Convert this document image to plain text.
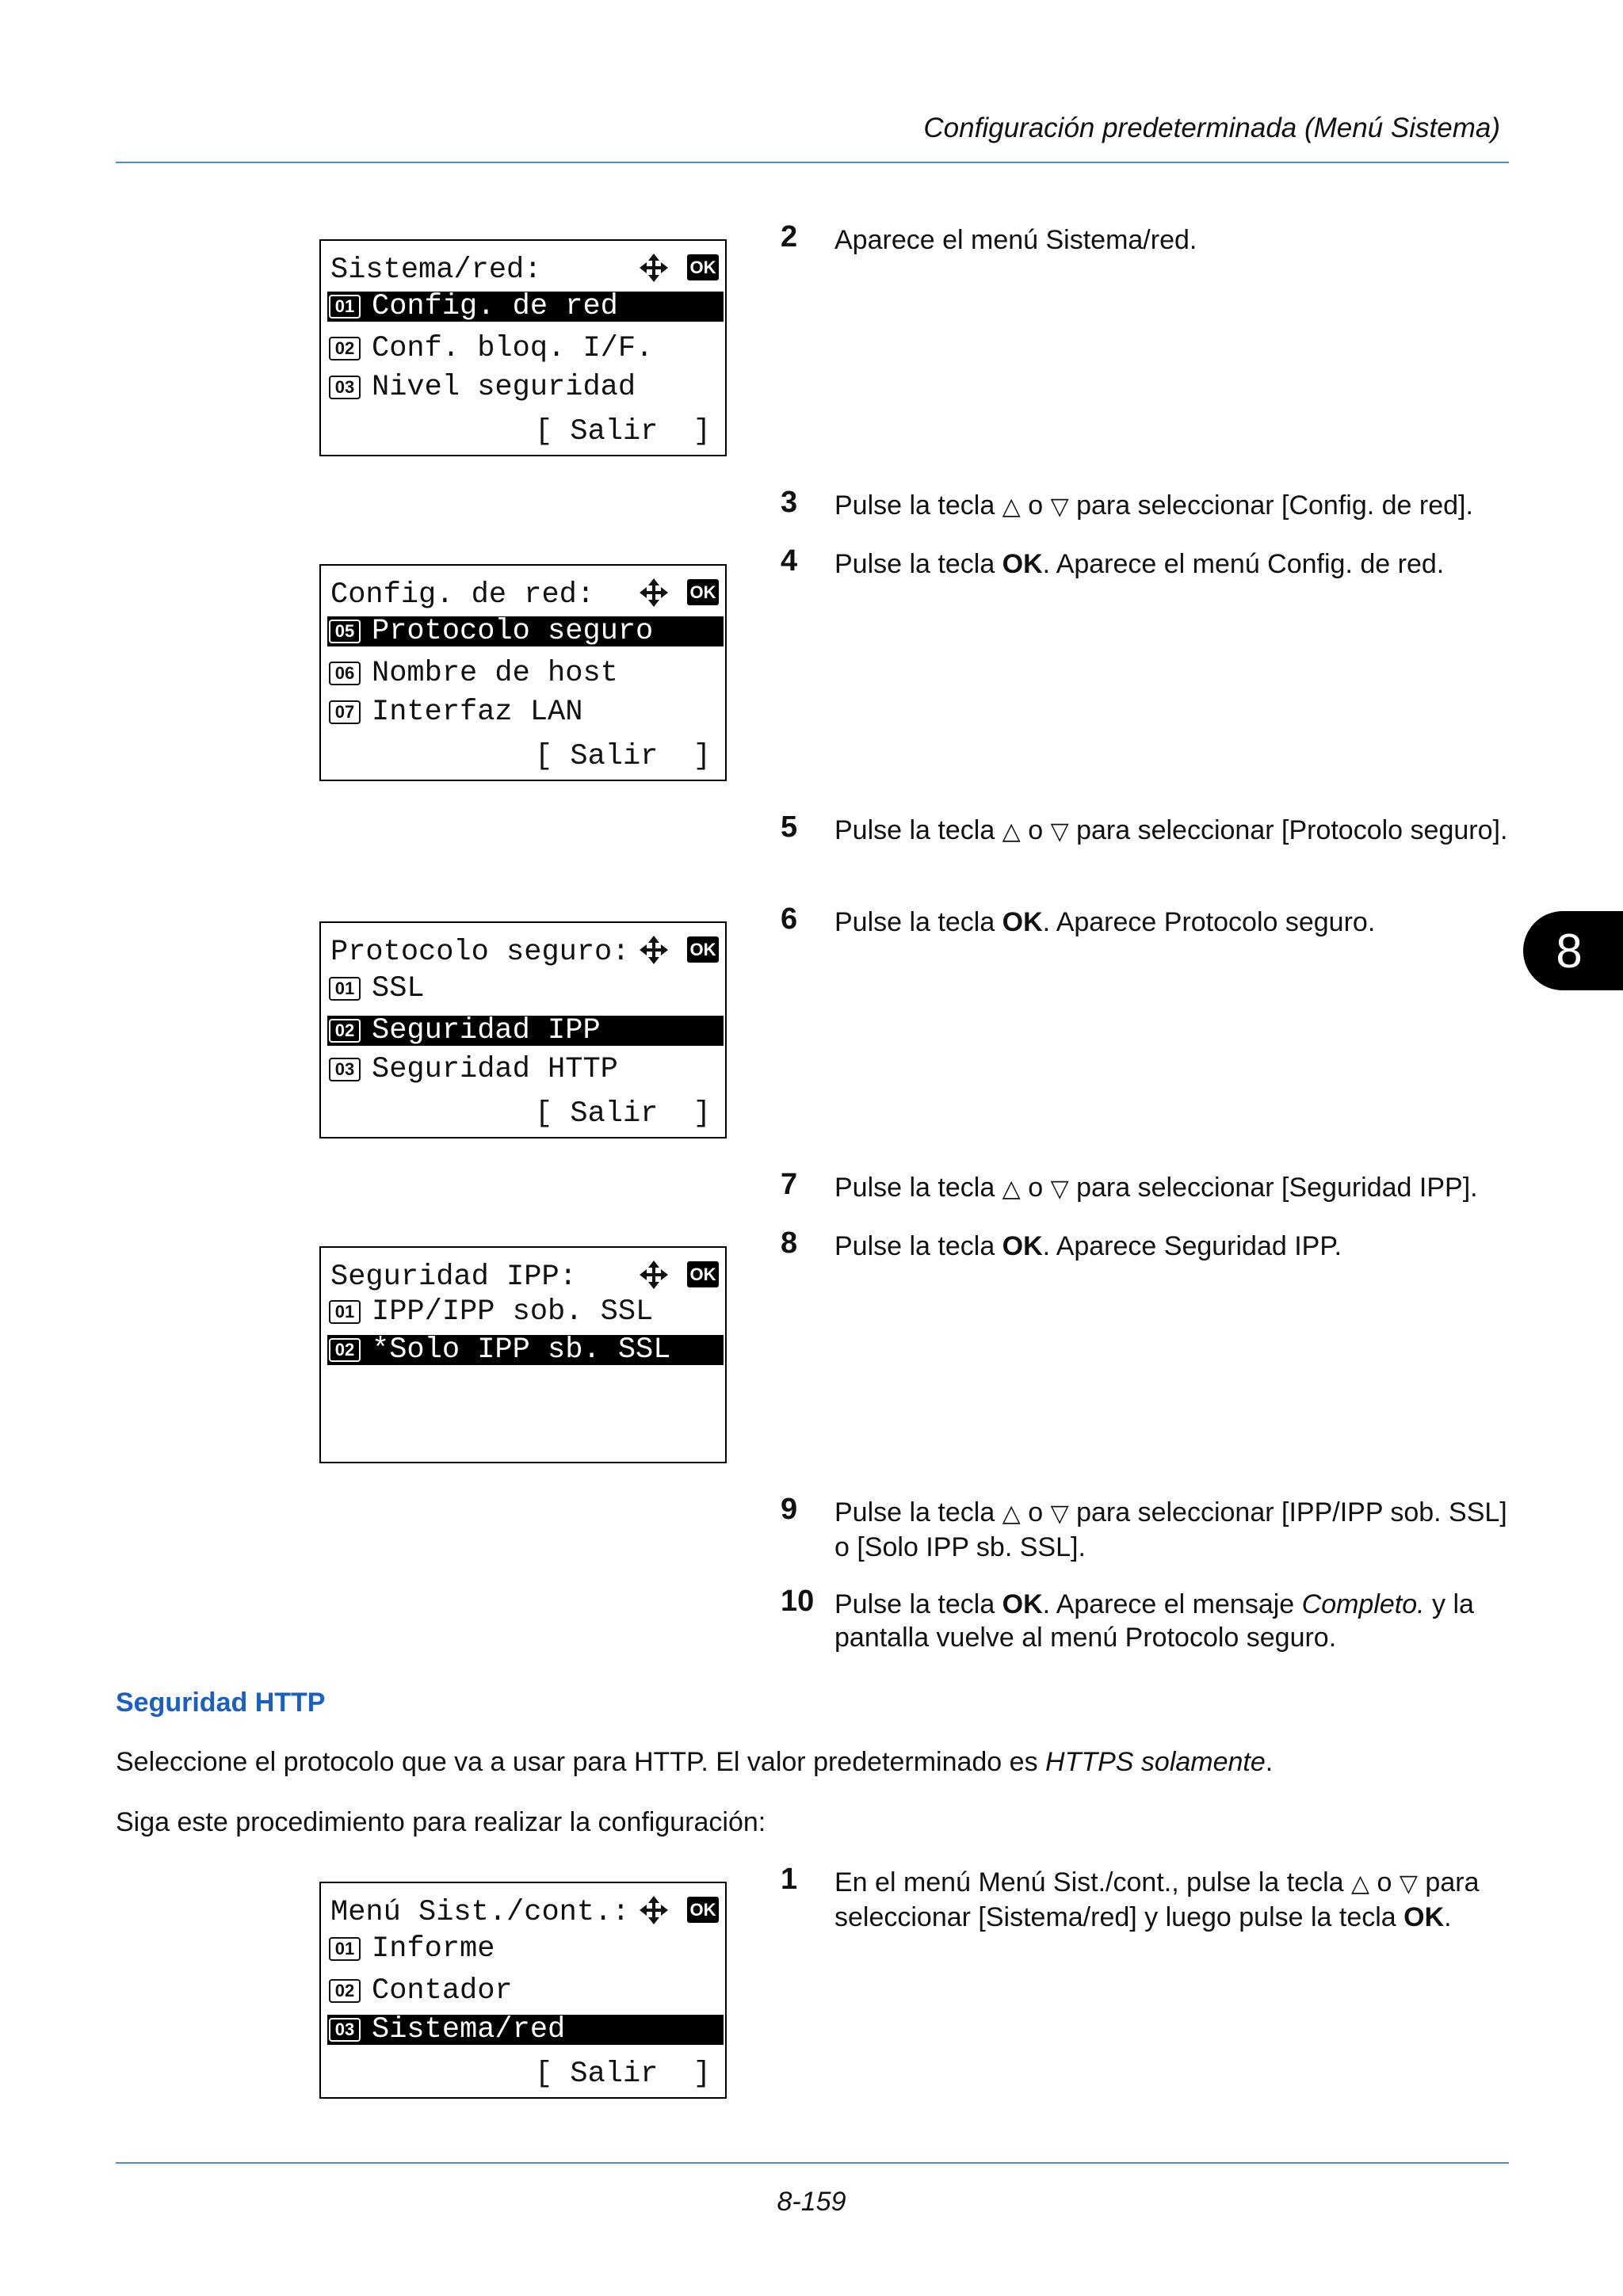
Configuración predeterminada (Menú Sistema)
8
Sistema/red:	OK
01 Config. de red
02 Conf. bloq. I/F.
03 Nivel seguridad
[ Salir  ]
Config. de red:	OK
05 Protocolo seguro
06 Nombre de host
07 Interfaz LAN
[ Salir  ]
Protocolo seguro:	OK
01 SSL
02 Seguridad IPP
03 Seguridad HTTP
[ Salir  ]
Seguridad IPP:	OK
01 IPP/IPP sob. SSL
02 *Solo IPP sb. SSL
Menú Sist./cont.:	OK
01 Informe
02 Contador
03 Sistema/red
[ Salir  ]
2 Aparece el menú Sistema/red.
3 Pulse la tecla △ o ▽ para seleccionar [Config. de red].
4 Pulse la tecla OK. Aparece el menú Config. de red.
5 Pulse la tecla △ o ▽ para seleccionar [Protocolo seguro].
6 Pulse la tecla OK. Aparece Protocolo seguro.
7 Pulse la tecla △ o ▽ para seleccionar [Seguridad IPP].
8 Pulse la tecla OK. Aparece Seguridad IPP.
9 Pulse la tecla △ o ▽ para seleccionar [IPP/IPP sob. SSL] o [Solo IPP sb. SSL].
10 Pulse la tecla OK. Aparece el mensaje Completo. y la pantalla vuelve al menú Protocolo seguro.
Seguridad HTTP
Seleccione el protocolo que va a usar para HTTP. El valor predeterminado es HTTPS solamente.
Siga este procedimiento para realizar la configuración:
1 En el menú Menú Sist./cont., pulse la tecla △ o ▽ para seleccionar [Sistema/red] y luego pulse la tecla OK.
8-159
